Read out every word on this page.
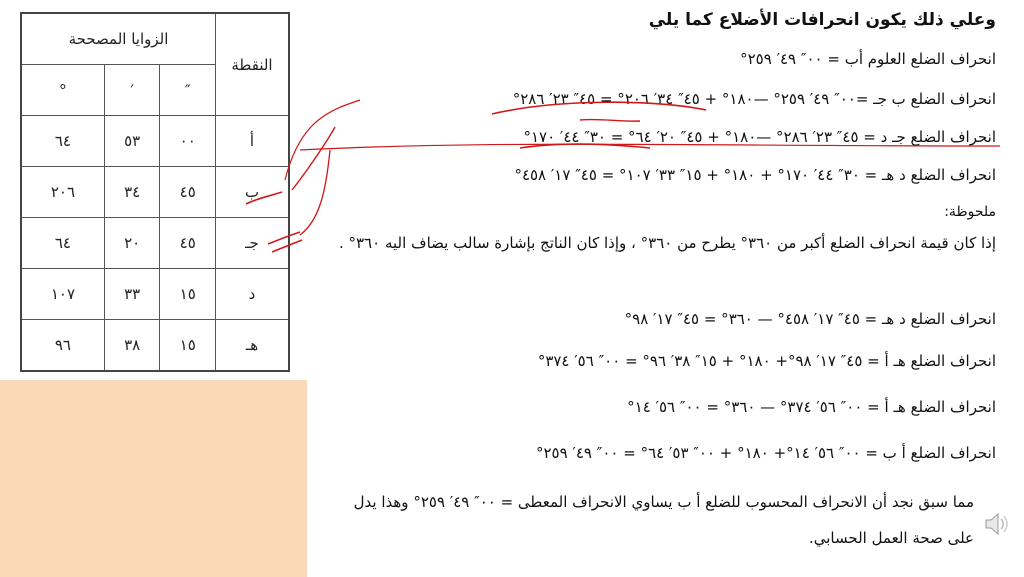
النقطة	الزوايا المصححة		
	″	′	°
أ	٠٠	٥٣	٦٤
ب	٤٥	٣٤	٢٠٦
جـ	٤٥	٢٠	٦٤
د	١٥	٣٣	١٠٧
هـ	١٥	٣٨	٩٦
وعلي ذلك يكون انحرافات الأضلاع كما يلي
انحراف الضلع العلوم أب = ٠٠″ ٤٩′ ٢٥٩°
انحراف الضلع ب جـ =٠٠″ ٤٩′ ٢٥٩° —١٨٠° + ٤٥″ ٣٤′ ٢٠٦° = ٤٥″ ٢٣′ ٢٨٦°
انحراف الضلع جـ د = ٤٥″ ٢٣′ ٢٨٦° —١٨٠° + ٤٥″ ٢٠′ ٦٤° = ٣٠″ ٤٤′ ١٧٠°
انحراف الضلع د هـ = ٣٠″ ٤٤′ ١٧٠° + ١٨٠° + ١٥″ ٣٣′ ١٠٧° = ٤٥″ ١٧′ ٤٥٨°
ملحوظة:
إذا كان قيمة انحراف الضلع أكبر من ٣٦٠° يطرح من ٣٦٠° ، وإذا كان الناتج بإشارة سالب يضاف اليه ٣٦٠° .
انحراف الضلع د هـ = ٤٥″ ١٧′ ٤٥٨° — ٣٦٠° = ٤٥″ ١٧′ ٩٨°
انحراف الضلع هـ أ = ٤٥″ ١٧′ ٩٨°+ ١٨٠° + ١٥″ ٣٨′ ٩٦° = ٠٠″ ٥٦′ ٣٧٤°
انحراف الضلع هـ أ = ٠٠″ ٥٦′ ٣٧٤° — ٣٦٠° = ٠٠″ ٥٦′ ١٤°
انحراف الضلع أ ب = ٠٠″ ٥٦′ ١٤°+ ١٨٠° + ٠٠″ ٥٣′ ٦٤° = ٠٠″ ٤٩′ ٢٥٩°
مما سبق نجد أن الانحراف المحسوب للضلع أ ب يساوي الانحراف المعطى = ٠٠″ ٤٩′ ٢٥٩° وهذا يدل على صحة العمل الحسابي.
